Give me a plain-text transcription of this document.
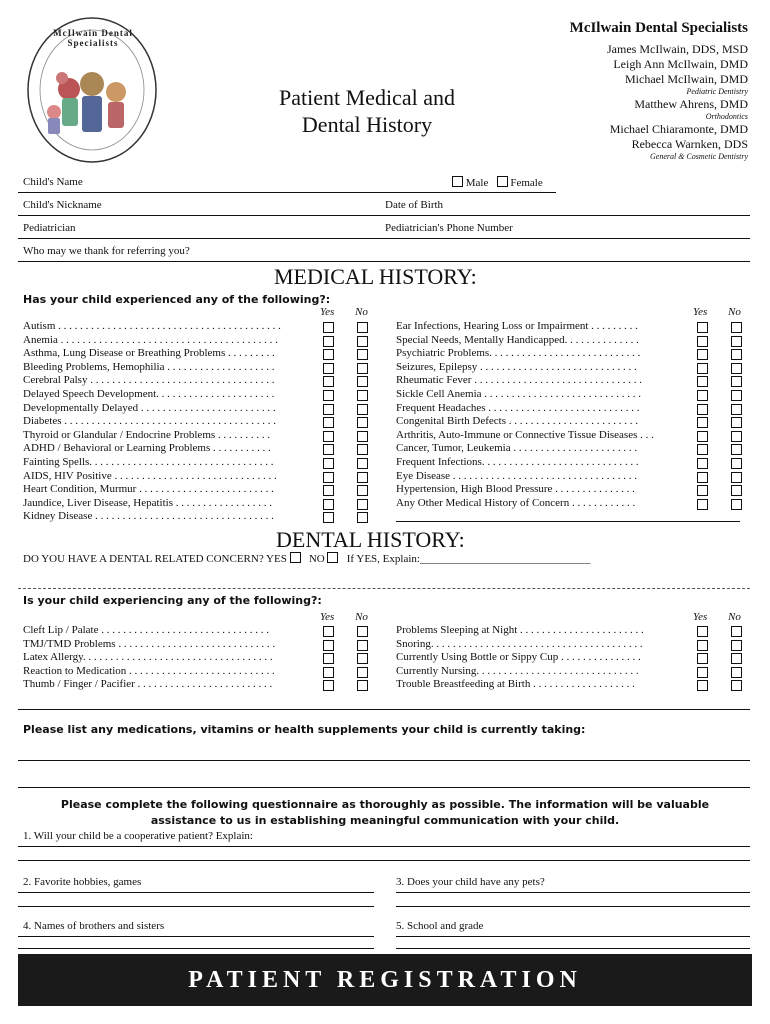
McIlwain Dental Specialists
Patient Medical and
Dental History
McIlwain Dental Specialists
James McIlwain, DDS, MSD
Leigh Ann McIlwain, DMD
Michael McIlwain, DMD
Pediatric Dentistry
Matthew Ahrens, DMD
Orthodontics
Michael Chiaramonte, DMD
Rebecca Warnken, DDS
General & Cosmetic Dentistry
Child's Name	Male Female
Child's Nickname	Date of Birth
Pediatrician	Pediatrician's Phone Number
Who may we thank for referring you?
MEDICAL HISTORY:
Has your child experienced any of the following?:
Yes No	Yes No
Autism . . . . . . . . . . . . . . . . . . . . . . . . . . . . . . . . . . . . . . . . .
Anemia . . . . . . . . . . . . . . . . . . . . . . . . . . . . . . . . . . . . . . . .
Asthma, Lung Disease or Breathing Problems . . . . . . . . .
Bleeding Problems, Hemophilia . . . . . . . . . . . . . . . . . . . .
Cerebral Palsy . . . . . . . . . . . . . . . . . . . . . . . . . . . . . . . . . .
Delayed Speech Development. . . . . . . . . . . . . . . . . . . . . .
Developmentally Delayed . . . . . . . . . . . . . . . . . . . . . . . . .
Diabetes . . . . . . . . . . . . . . . . . . . . . . . . . . . . . . . . . . . . . . .
Thyroid or Glandular / Endocrine Problems . . . . . . . . . .
ADHD / Behavioral or Learning Problems . . . . . . . . . . .
Fainting Spells. . . . . . . . . . . . . . . . . . . . . . . . . . . . . . . . . .
AIDS, HIV Positive . . . . . . . . . . . . . . . . . . . . . . . . . . . . . .
Heart Condition, Murmur . . . . . . . . . . . . . . . . . . . . . . . . .
Jaundice, Liver Disease, Hepatitis . . . . . . . . . . . . . . . . . .
Kidney Disease . . . . . . . . . . . . . . . . . . . . . . . . . . . . . . . . .
Ear Infections, Hearing Loss or Impairment . . . . . . . . .
Special Needs, Mentally Handicapped. . . . . . . . . . . . . .
Psychiatric Problems. . . . . . . . . . . . . . . . . . . . . . . . . . . .
Seizures, Epilepsy . . . . . . . . . . . . . . . . . . . . . . . . . . . . .
Rheumatic Fever . . . . . . . . . . . . . . . . . . . . . . . . . . . . . . .
Sickle Cell Anemia . . . . . . . . . . . . . . . . . . . . . . . . . . . . .
Frequent Headaches . . . . . . . . . . . . . . . . . . . . . . . . . . . .
Congenital Birth Defects . . . . . . . . . . . . . . . . . . . . . . . .
Arthritis, Auto-Immune or Connective Tissue Diseases . . .
Cancer, Tumor, Leukemia . . . . . . . . . . . . . . . . . . . . . . .
Frequent Infections. . . . . . . . . . . . . . . . . . . . . . . . . . . . .
Eye Disease . . . . . . . . . . . . . . . . . . . . . . . . . . . . . . . . . .
Hypertension, High Blood Pressure . . . . . . . . . . . . . . .
Any Other Medical History of Concern . . . . . . . . . . . .
DENTAL HISTORY:
DO YOU HAVE A DENTAL RELATED CONCERN? YES NO If YES, Explain:_______________________________
Is your child experiencing any of the following?:
Yes No	Yes No
Cleft Lip / Palate . . . . . . . . . . . . . . . . . . . . . . . . . . . . . . .
TMJ/TMD Problems . . . . . . . . . . . . . . . . . . . . . . . . . . . . .
Latex Allergy. . . . . . . . . . . . . . . . . . . . . . . . . . . . . . . . . . .
Reaction to Medication . . . . . . . . . . . . . . . . . . . . . . . . . . .
Thumb / Finger / Pacifier . . . . . . . . . . . . . . . . . . . . . . . . .
Problems Sleeping at Night . . . . . . . . . . . . . . . . . . . . . . .
Snoring. . . . . . . . . . . . . . . . . . . . . . . . . . . . . . . . . . . . . . .
Currently Using Bottle or Sippy Cup . . . . . . . . . . . . . . .
Currently Nursing. . . . . . . . . . . . . . . . . . . . . . . . . . . . . .
Trouble Breastfeeding at Birth . . . . . . . . . . . . . . . . . . .
Please list any medications, vitamins or health supplements your child is currently taking:
Please complete the following questionnaire as thoroughly as possible. The information will be valuable
assistance to us in establishing meaningful communication with your child.
1. Will your child be a cooperative patient? Explain:
2. Favorite hobbies, games	3. Does your child have any pets?
4. Names of brothers and sisters	5. School and grade
PATIENT REGISTRATION
